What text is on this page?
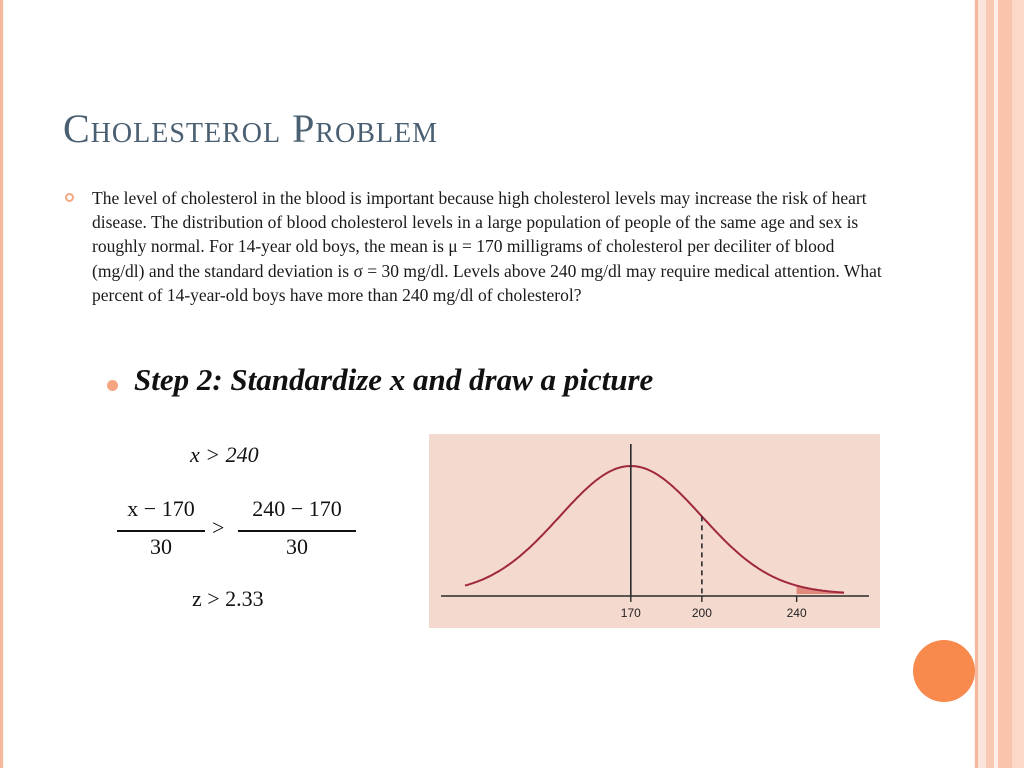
Cholesterol Problem

The level of cholesterol in the blood is important because high cholesterol levels may increase the risk of heart disease. The distribution of blood cholesterol levels in a large population of people of the same age and sex is roughly normal. For 14-year old boys, the mean is μ = 170 milligrams of cholesterol per deciliter of blood (mg/dl) and the standard deviation is σ = 30 mg/dl. Levels above 240 mg/dl may require medical attention. What percent of 14-year-old boys have more than 240 mg/dl of cholesterol?

Step 2: Standardize x and draw a picture

x > 240
x − 170
30
>
240 − 170
30
z > 2.33
170	200	240
